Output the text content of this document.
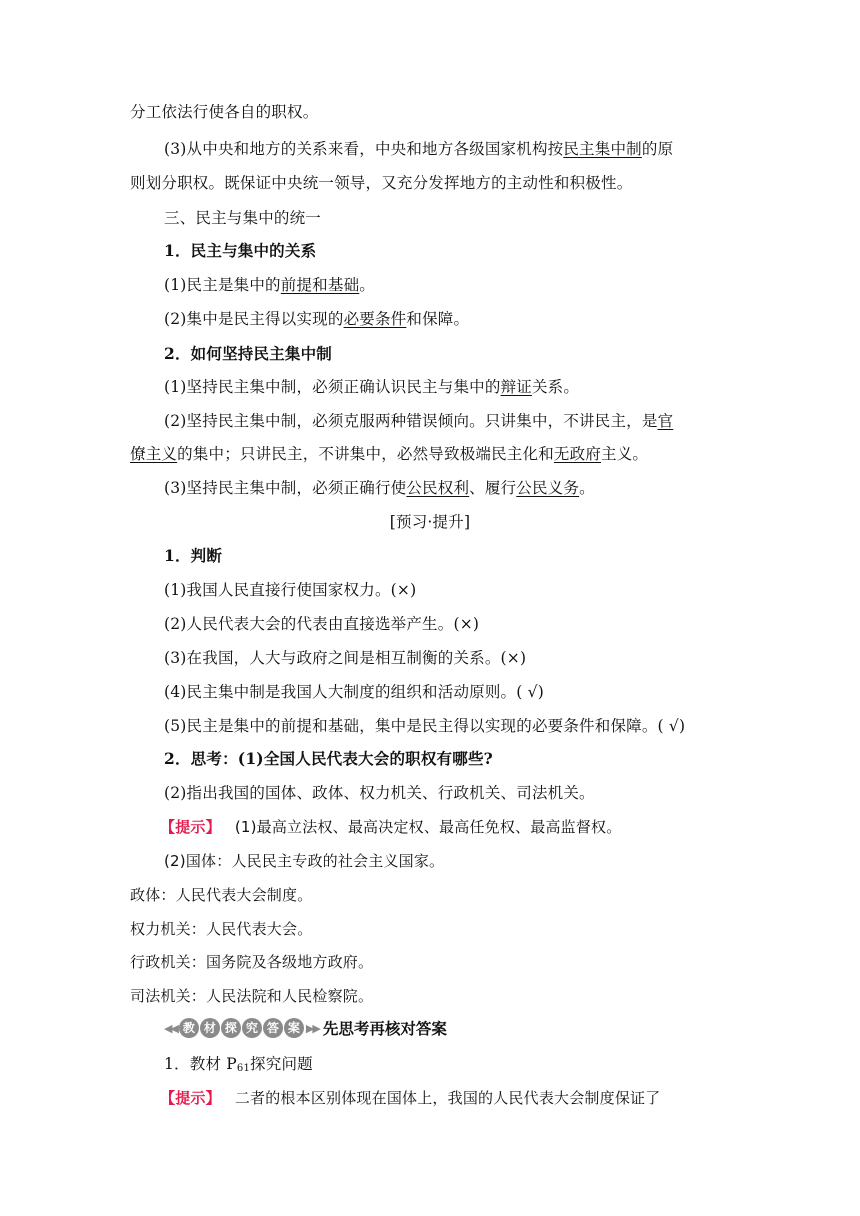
分工依法行使各自的职权。
(3)从中央和地方的关系来看，中央和地方各级国家机构按民主集中制的原
则划分职权。既保证中央统一领导，又充分发挥地方的主动性和积极性。
三、民主与集中的统一
1．民主与集中的关系
(1)民主是集中的前提和基础。
(2)集中是民主得以实现的必要条件和保障。
2．如何坚持民主集中制
(1)坚持民主集中制，必须正确认识民主与集中的辩证关系。
(2)坚持民主集中制，必须克服两种错误倾向。只讲集中，不讲民主，是官
僚主义的集中；只讲民主，不讲集中，必然导致极端民主化和无政府主义。
(3)坚持民主集中制，必须正确行使公民权利、履行公民义务。
[预习·提升]
1．判断
(1)我国人民直接行使国家权力。(×)
(2)人民代表大会的代表由直接选举产生。(×)
(3)在我国，人大与政府之间是相互制衡的关系。(×)
(4)民主集中制是我国人大制度的组织和活动原则。( √)
(5)民主是集中的前提和基础，集中是民主得以实现的必要条件和保障。( √)
2．思考：(1)全国人民代表大会的职权有哪些?
(2)指出我国的国体、政体、权力机关、行政机关、司法机关。
【提示】 (1)最高立法权、最高决定权、最高任免权、最高监督权。
(2)国体：人民民主专政的社会主义国家。
政体：人民代表大会制度。
权力机关：人民代表大会。
行政机关：国务院及各级地方政府。
司法机关：人民法院和人民检察院。
◀◀ 教 材 探 究 答 案 ▶▶ 先思考再核对答案
1．教材 $P_{61}$探究问题
【提示】 二者的根本区别体现在国体上，我国的人民代表大会制度保证了
